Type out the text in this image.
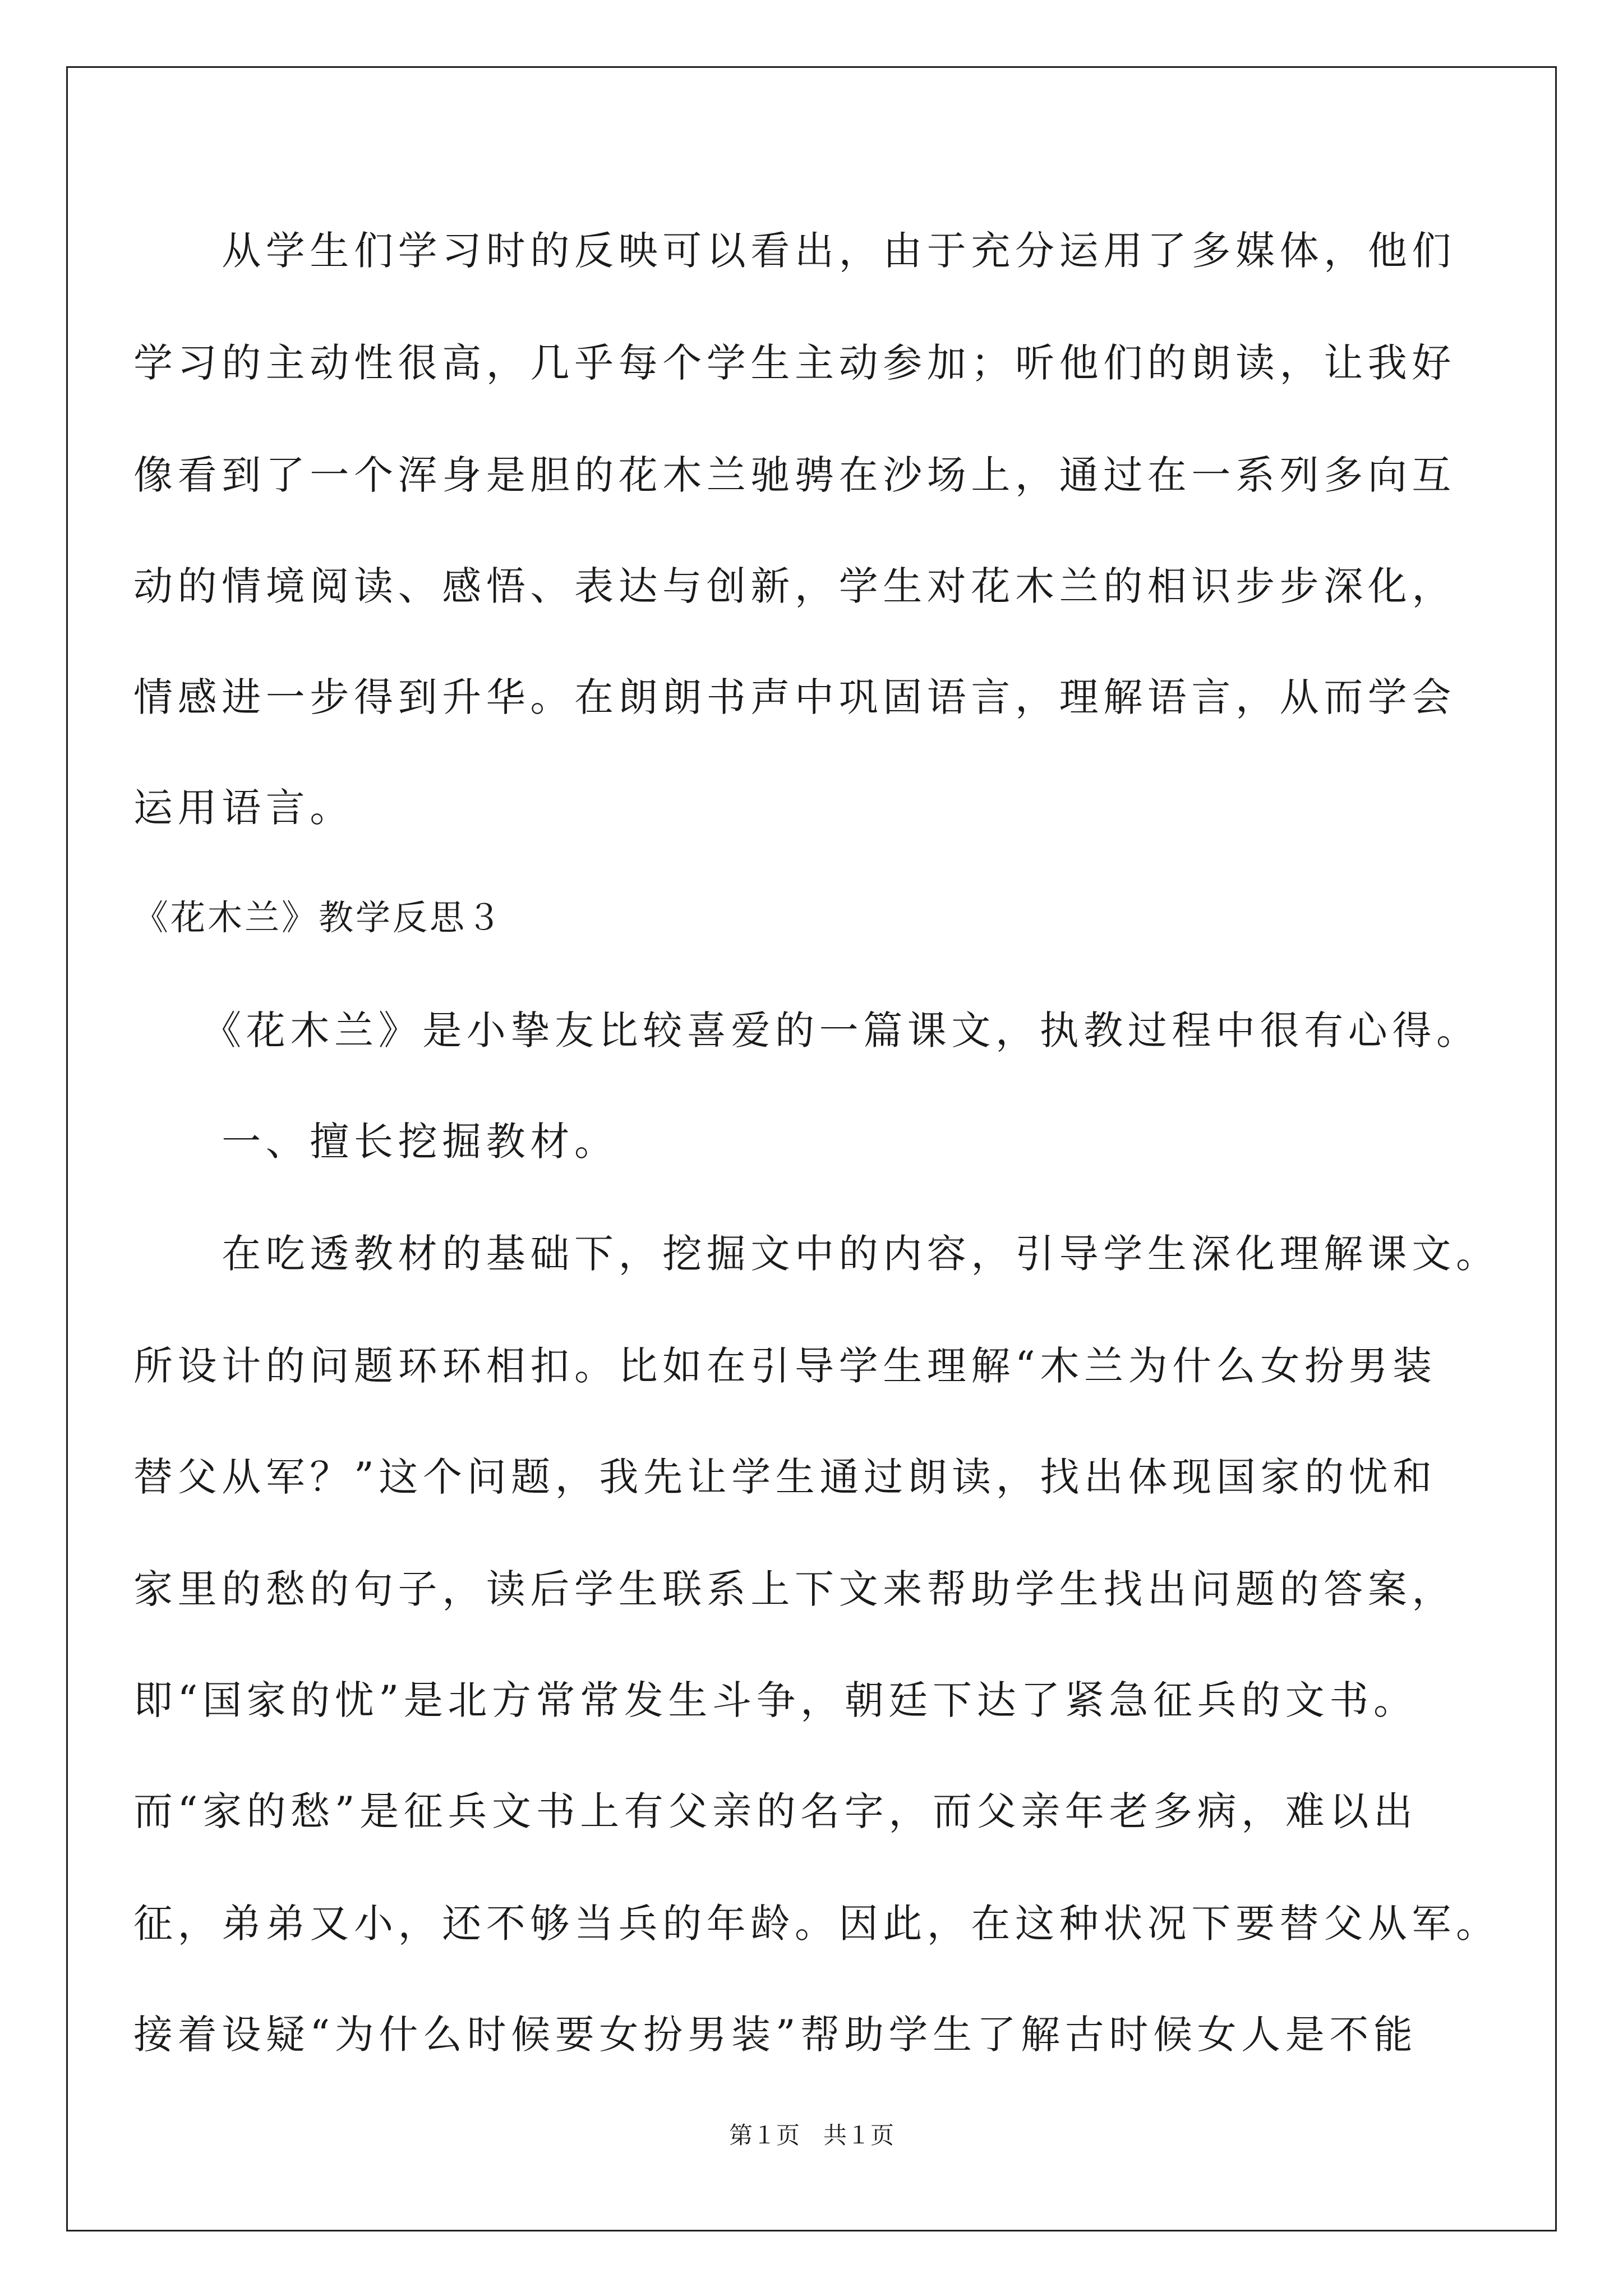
　　从学生们学习时的反映可以看出，由于充分运用了多媒体，他们
学习的主动性很高，几乎每个学生主动参加；听他们的朗读，让我好
像看到了一个浑身是胆的花木兰驰骋在沙场上，通过在一系列多向互
动的情境阅读、感悟、表达与创新，学生对花木兰的相识步步深化，
情感进一步得到升华。在朗朗书声中巩固语言，理解语言，从而学会
运用语言。
《花木兰》教学反思３
　　《花木兰》是小挚友比较喜爱的一篇课文，执教过程中很有心得。
　　一、擅长挖掘教材。
　　在吃透教材的基础下，挖掘文中的内容，引导学生深化理解课文。
所设计的问题环环相扣。比如在引导学生理解“木兰为什么女扮男装
替父从军？”这个问题，我先让学生通过朗读，找出体现国家的忧和
家里的愁的句子，读后学生联系上下文来帮助学生找出问题的答案，
即“国家的忧”是北方常常发生斗争，朝廷下达了紧急征兵的文书。
而“家的愁”是征兵文书上有父亲的名字，而父亲年老多病，难以出
征，弟弟又小，还不够当兵的年龄。因此，在这种状况下要替父从军。
接着设疑“为什么时候要女扮男装”帮助学生了解古时候女人是不能
第１页　共１页
